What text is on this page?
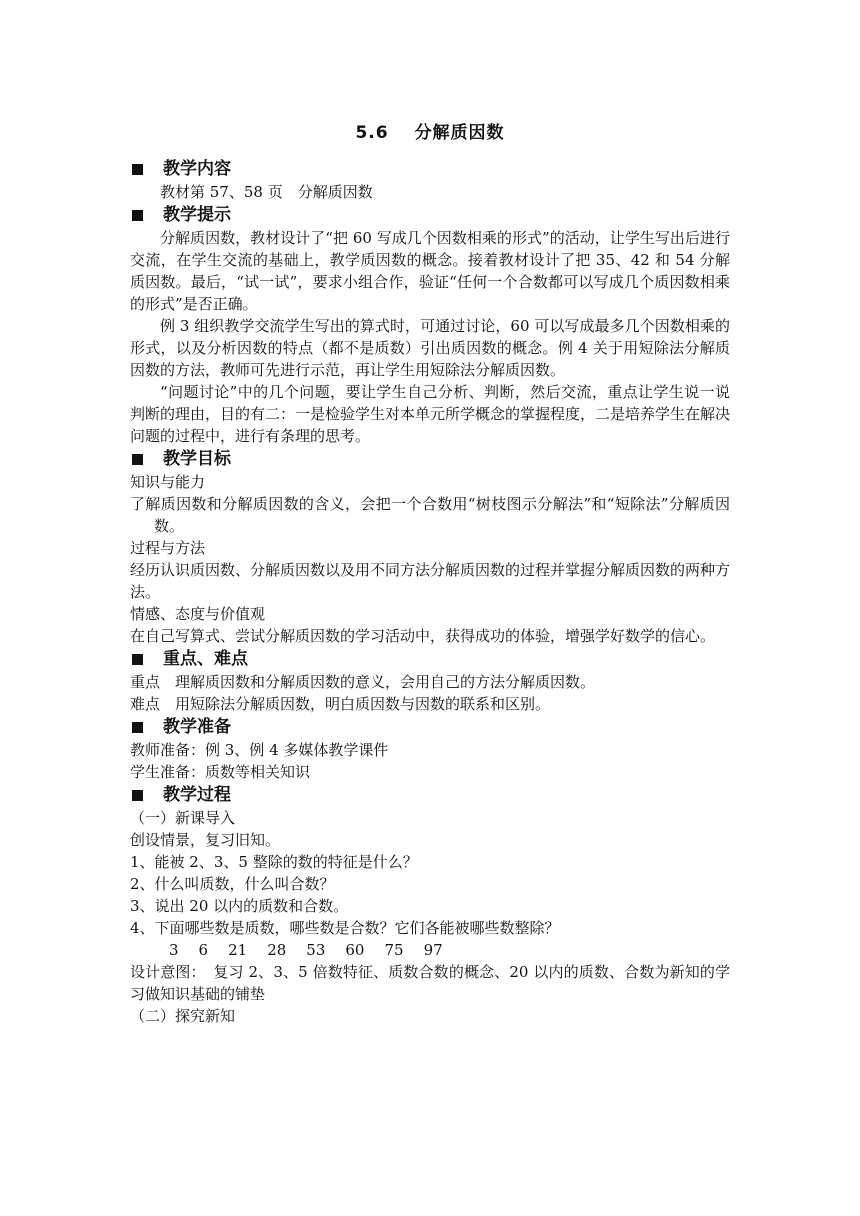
5.6 分解质因数
教学内容

教材第 57、58 页　分解质因数

教学提示

分解质因数，教材设计了“把 60 写成几个因数相乘的形式”的活动，让学生写出后进行交流，在学生交流的基础上，教学质因数的概念。接着教材设计了把 35、42 和 54 分解质因数。最后，“试一试”，要求小组合作，验证“任何一个合数都可以写成几个质因数相乘的形式”是否正确。

例 3 组织教学交流学生写出的算式时，可通过讨论，60 可以写成最多几个因数相乘的形式，以及分析因数的特点（都不是质数）引出质因数的概念。例 4 关于用短除法分解质因数的方法，教师可先进行示范，再让学生用短除法分解质因数。

“问题讨论”中的几个问题，要让学生自己分析、判断，然后交流，重点让学生说一说判断的理由，目的有二：一是检验学生对本单元所学概念的掌握程度，二是培养学生在解决问题的过程中，进行有条理的思考。

教学目标

知识与能力

了解质因数和分解质因数的含义，会把一个合数用“树枝图示分解法”和“短除法”分解质因数。

过程与方法

经历认识质因数、分解质因数以及用不同方法分解质因数的过程并掌握分解质因数的两种方法。

情感、态度与价值观

在自己写算式、尝试分解质因数的学习活动中，获得成功的体验，增强学好数学的信心。

重点、难点

重点　理解质因数和分解质因数的意义，会用自己的方法分解质因数。

难点　用短除法分解质因数，明白质因数与因数的联系和区别。

教学准备

教师准备：例 3、例 4 多媒体教学课件

学生准备：质数等相关知识

教学过程

（一）新课导入

创设情景，复习旧知。

1、能被 2、3、5 整除的数的特征是什么？

2、什么叫质数，什么叫合数？

3、说出 20 以内的质数和合数。

4、下面哪些数是质数，哪些数是合数？它们各能被哪些数整除？

3 6 21 28 53 60 75 97

设计意图：　复习 2、3、5 倍数特征、质数合数的概念、20 以内的质数、合数为新知的学习做知识基础的铺垫

（二）探究新知
